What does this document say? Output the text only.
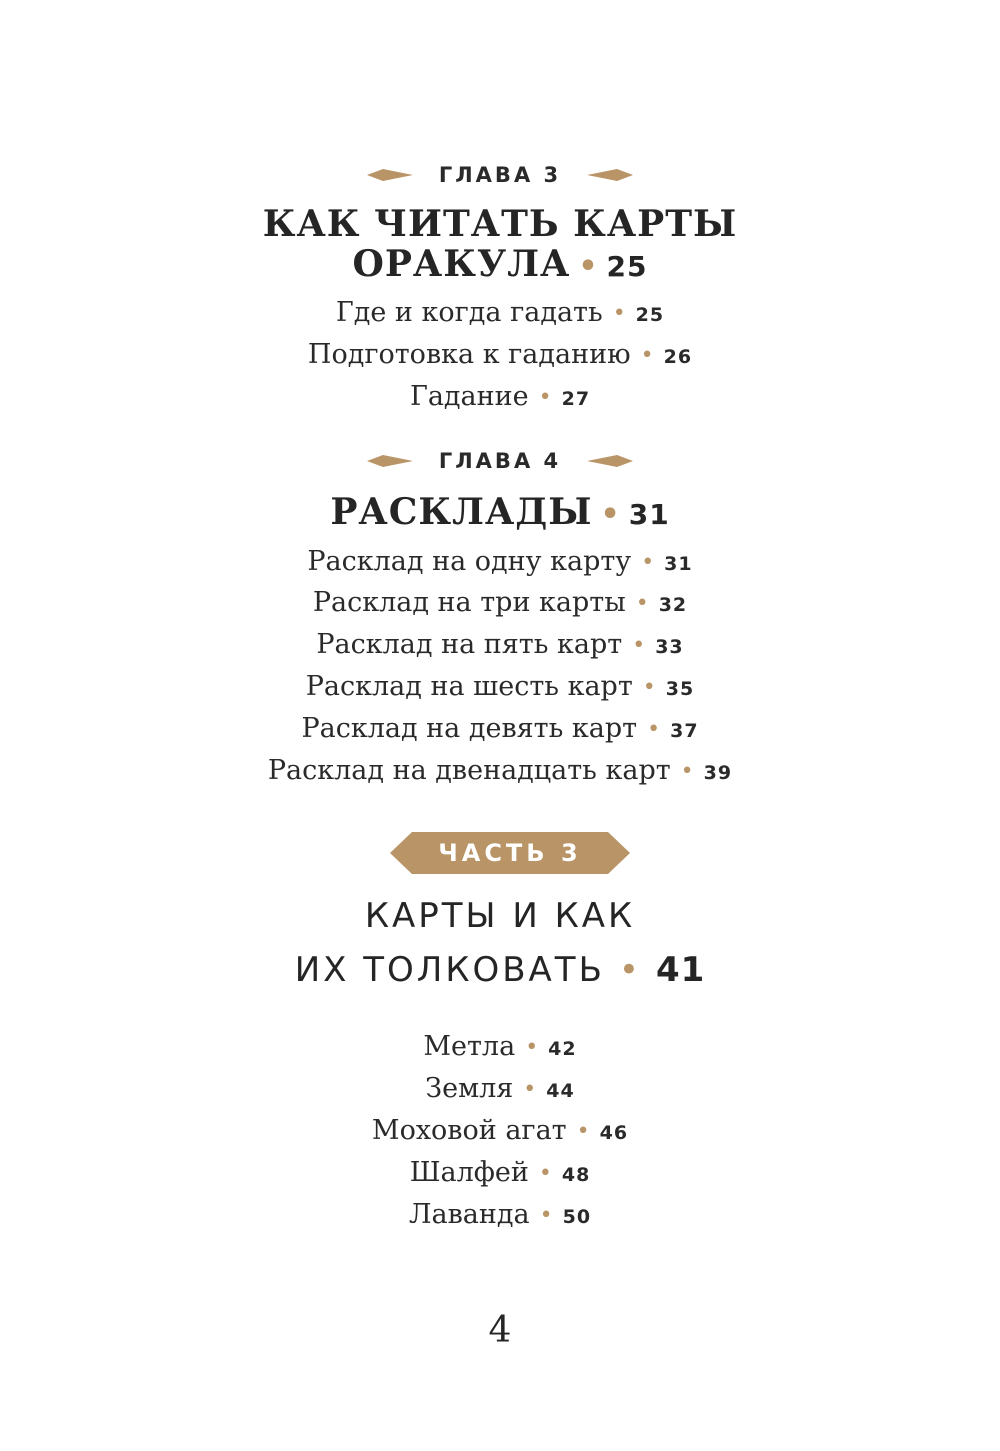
ГЛАВА 3
КАК ЧИТАТЬ КАРТЫ
ОРАКУЛА • 25
Где и когда гадать • 25
Подготовка к гаданию • 26
Гадание • 27
ГЛАВА 4
РАСКЛАДЫ • 31
Расклад на одну карту • 31
Расклад на три карты • 32
Расклад на пять карт • 33
Расклад на шесть карт • 35
Расклад на девять карт • 37
Расклад на двенадцать карт • 39
ЧАСТЬ 3
КАРТЫ И КАК
ИХ ТОЛКОВАТЬ • 41
Метла • 42
Земля • 44
Моховой агат • 46
Шалфей • 48
Лаванда • 50
4
